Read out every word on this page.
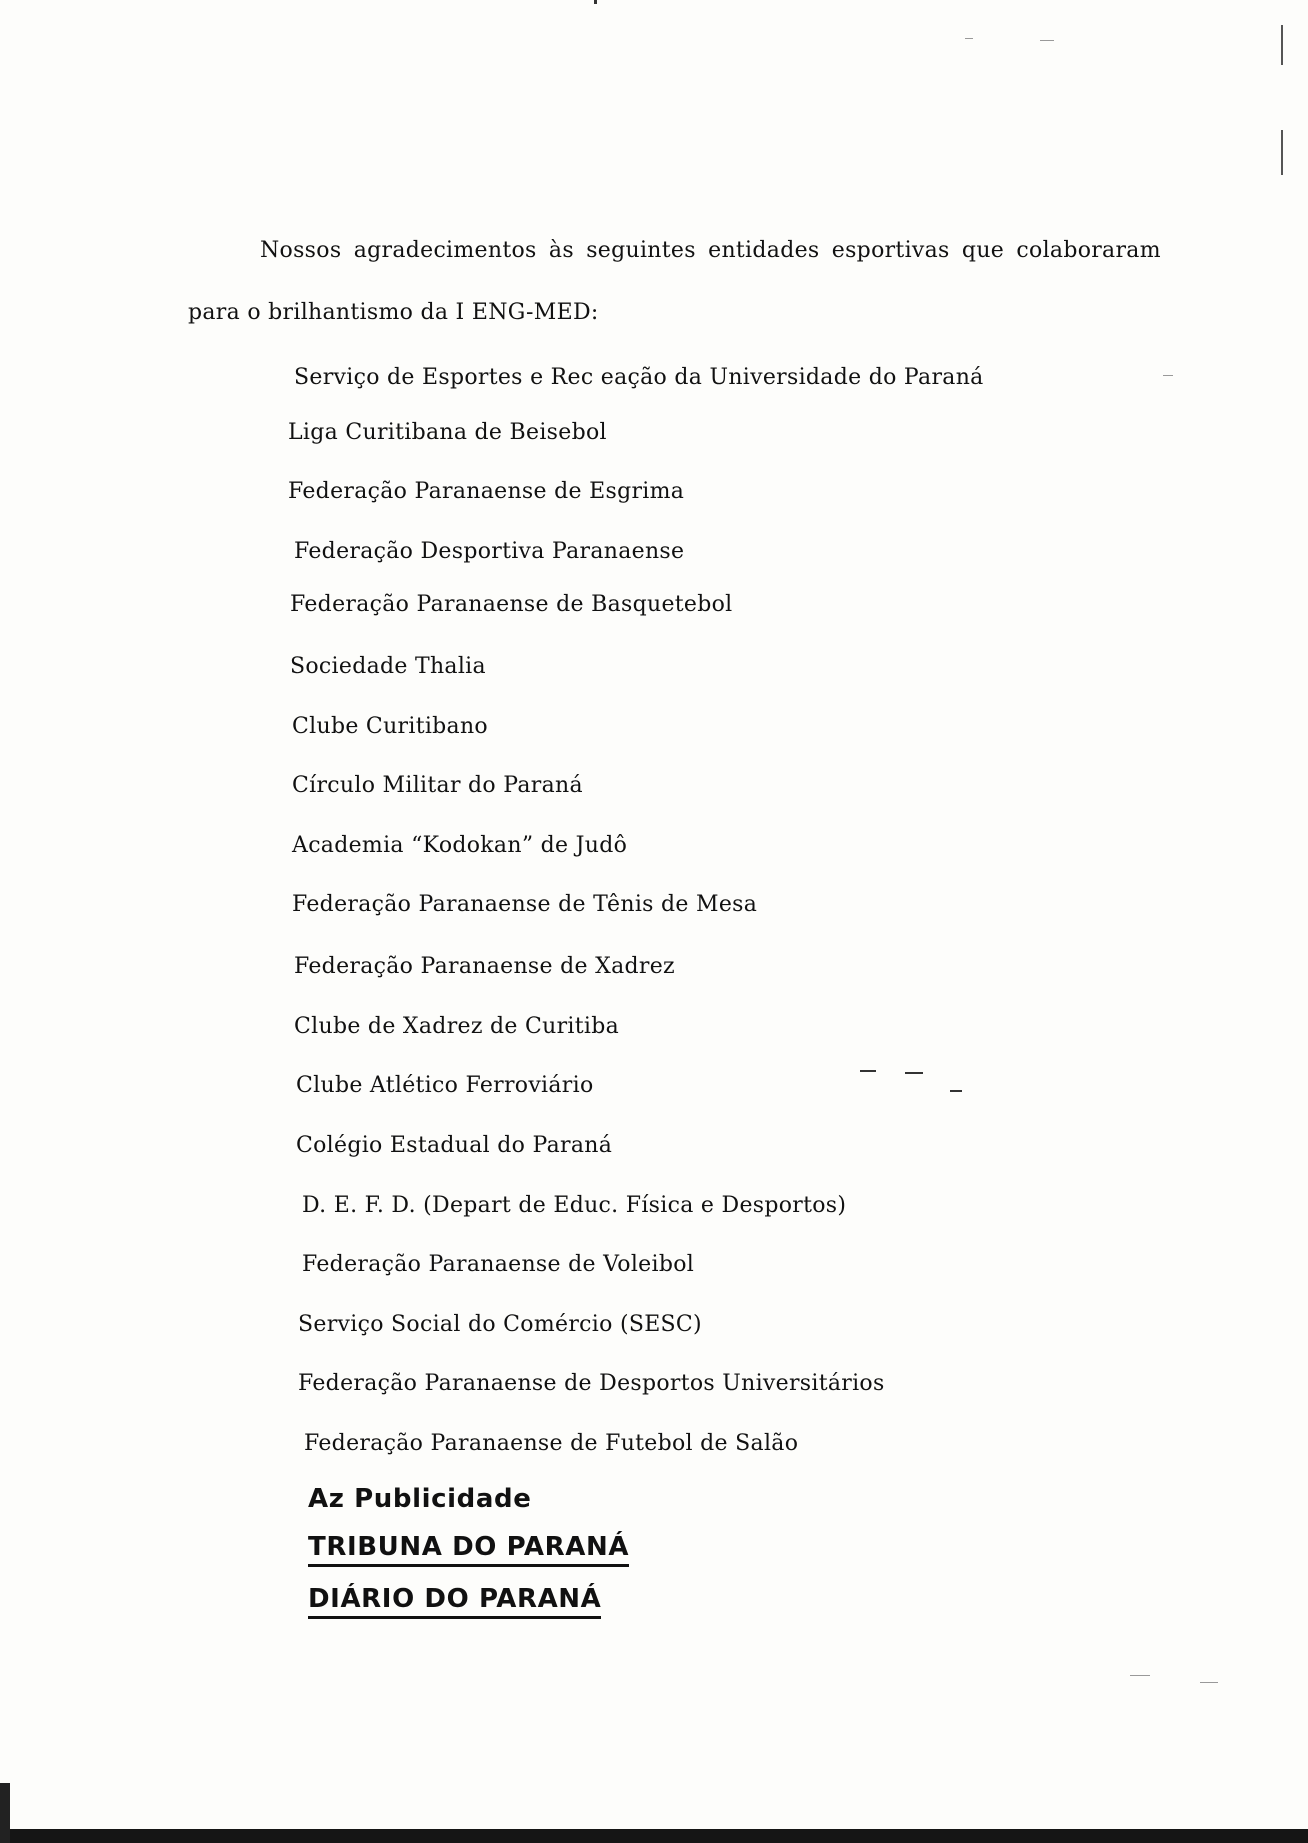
Nossos agradecimentos às seguintes entidades esportivas que colaboraram

para o brilhantismo da I ENG-MED:

Serviço de Esportes e Rec eação da Universidade do Paraná
Liga Curitibana de Beisebol
Federação Paranaense de Esgrima
Federação Desportiva Paranaense
Federação Paranaense de Basquetebol
Sociedade Thalia
Clube Curitibano
Círculo Militar do Paraná
Academia “Kodokan” de Judô
Federação Paranaense de Tênis de Mesa
Federação Paranaense de Xadrez
Clube de Xadrez de Curitiba
Clube Atlético Ferroviário
Colégio Estadual do Paraná
D. E. F. D. (Depart de Educ. Física e Desportos)
Federação Paranaense de Voleibol
Serviço Social do Comércio (SESC)
Federação Paranaense de Desportos Universitários
Federação Paranaense de Futebol de Salão
Az Publicidade
TRIBUNA DO PARANÁ
DIÁRIO DO PARANÁ
